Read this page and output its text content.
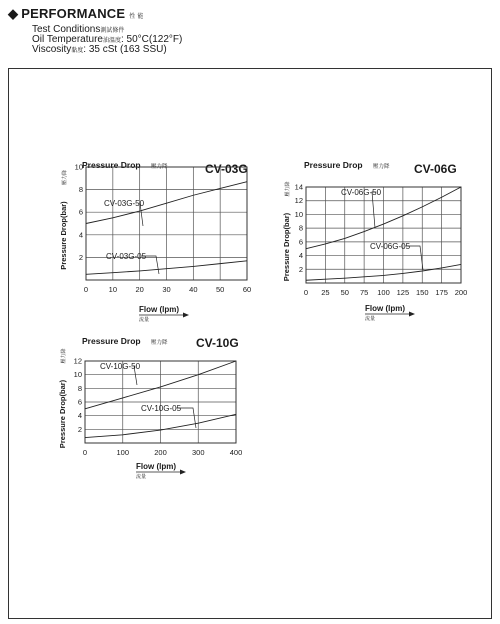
◆ PERFORMANCE 性 能
Test Conditions測試條件
Oil Temperature油溫度: 50°C(122°F)
Viscosity黏度: 35 cSt (163 SSU)
Pressure Drop 壓力降	CV-03G
0	10 20 30 40 50 60
2
4
6
8
10
Pressure Drop(bar)
壓力降
Flow (lpm)
流量
CV-03G-50
CV-03G-05
Pressure Drop 壓力降 CV-06G
0 25 50 75 100 125 150 175 200
2
4
6
8
10
12
14
Pressure Drop(bar)
壓力降
Flow (lpm)
流量
CV-06G-50
CV-06G-05
Pressure Drop 壓力降 CV-10G
0	100	200	300	400
2
4
6
8
10
12
Pressure Drop(bar)
壓力降
Flow (lpm)
流量
CV-10G-50
CV-10G-05
